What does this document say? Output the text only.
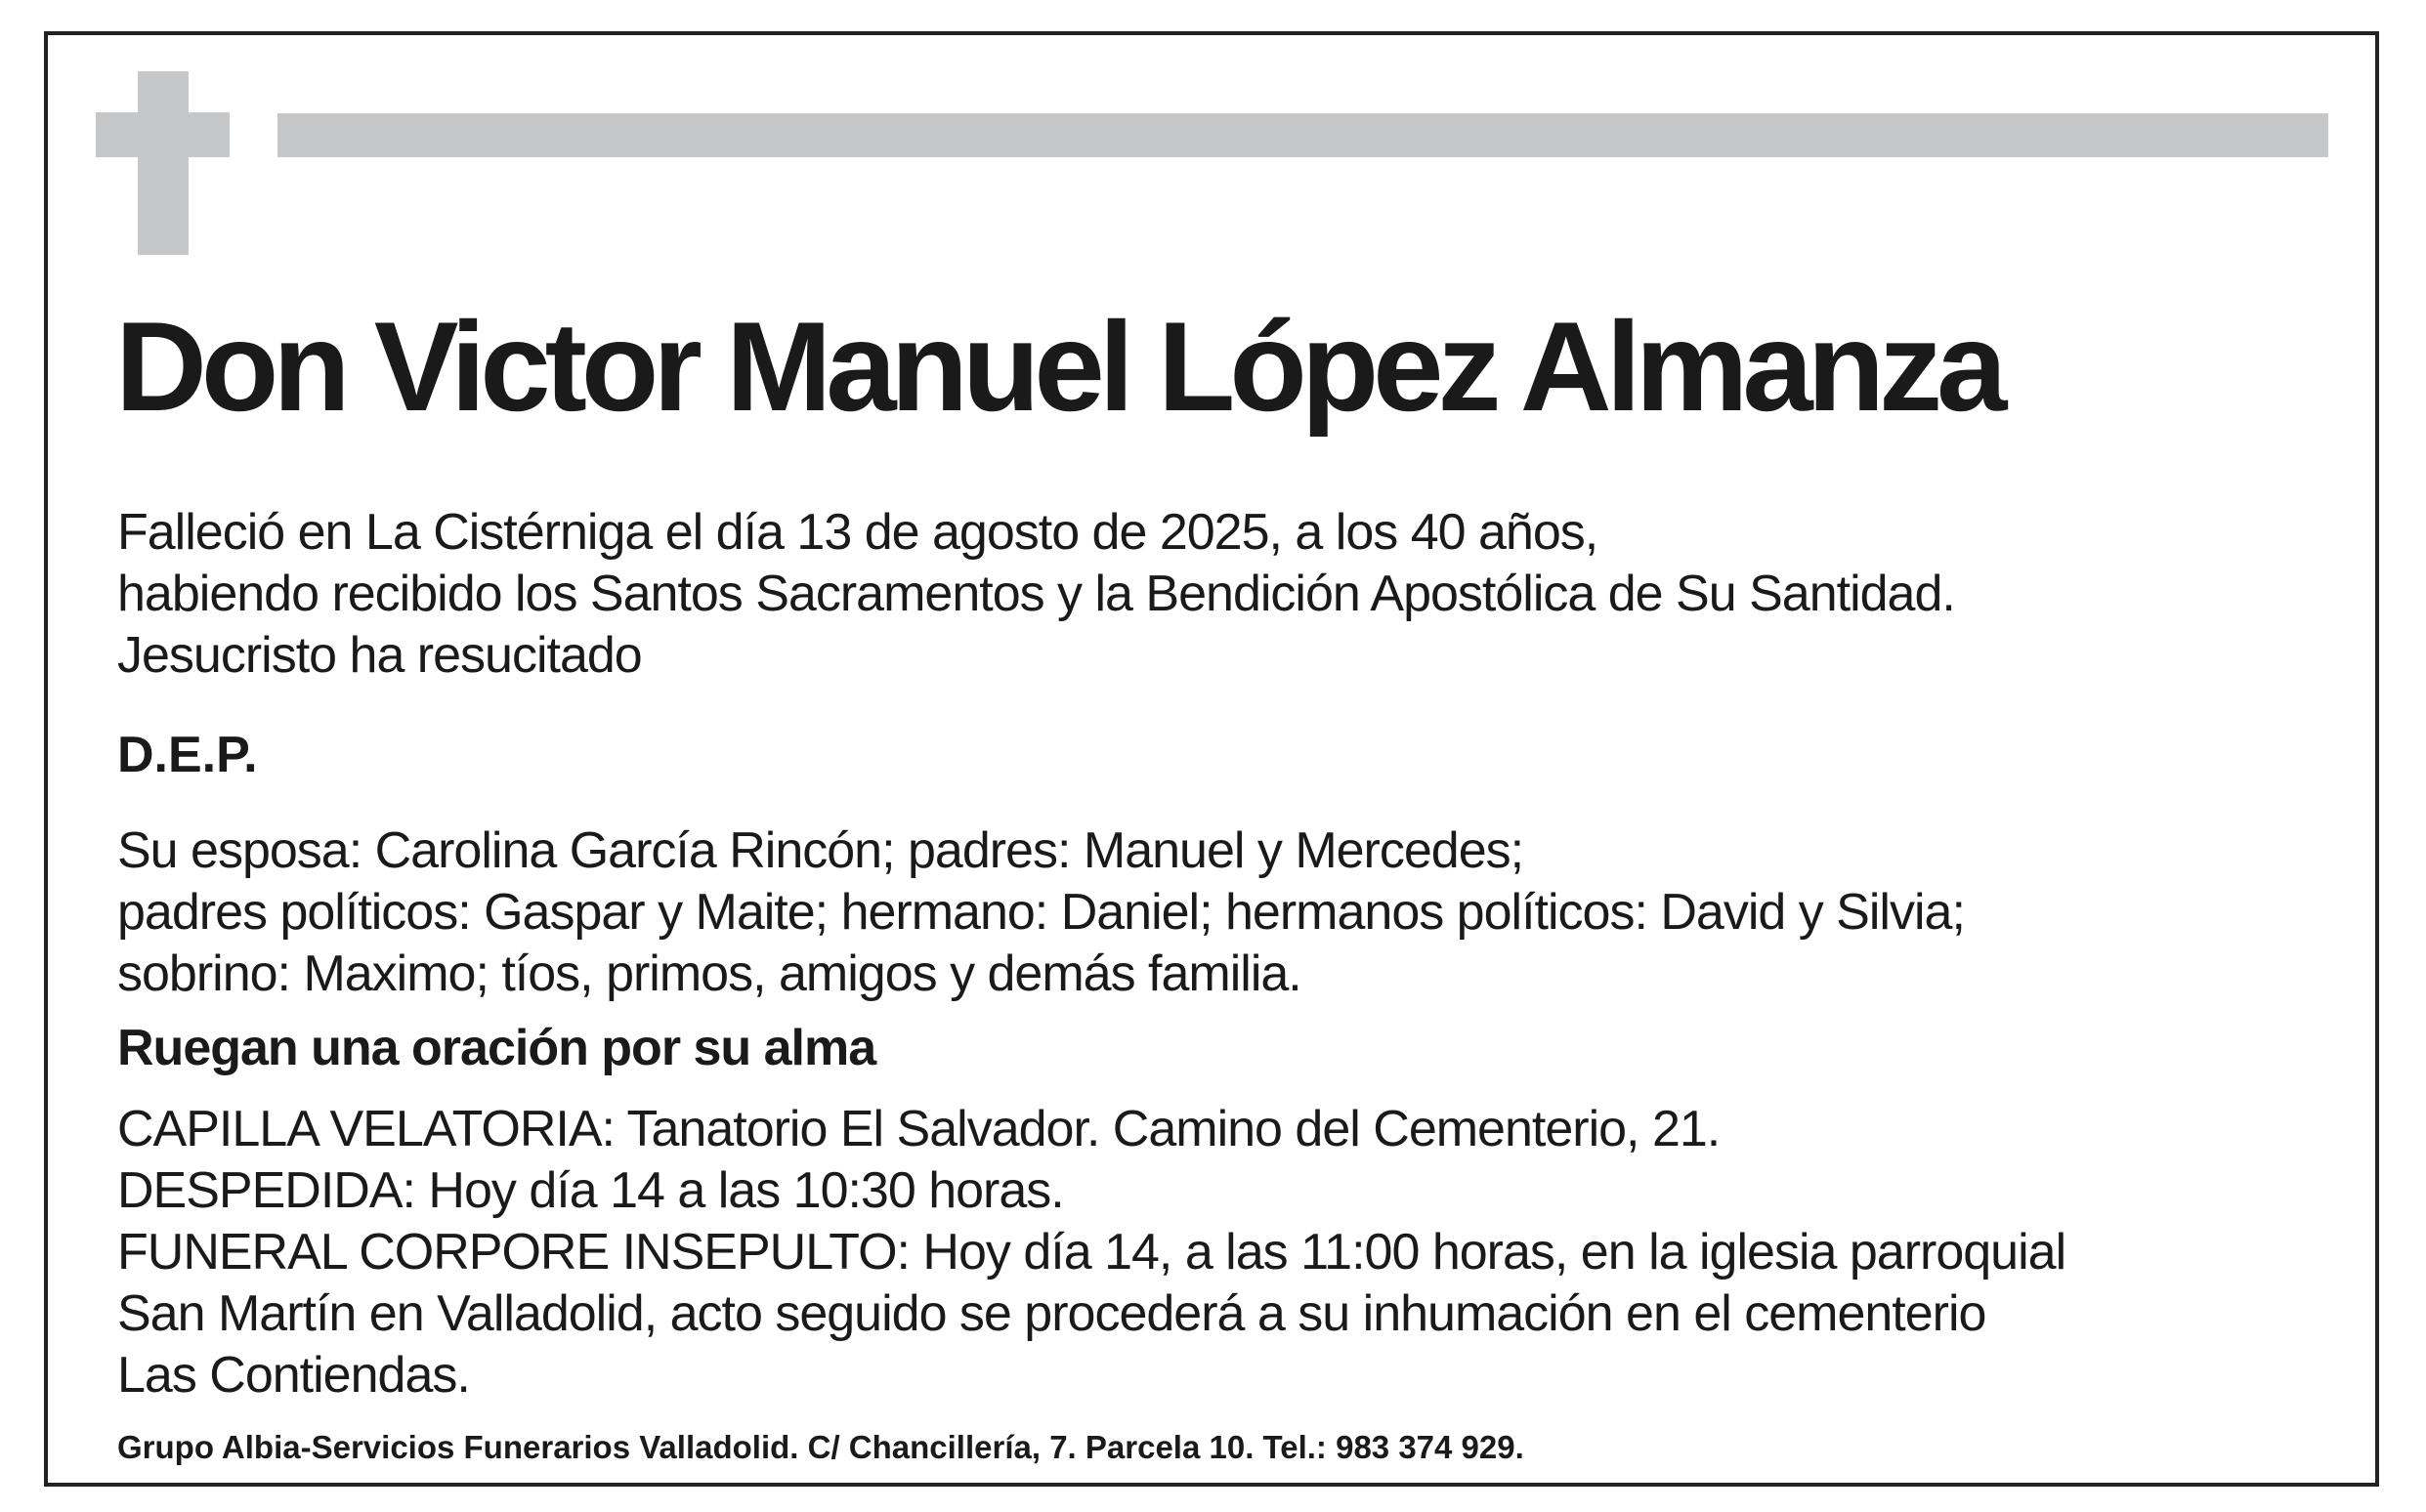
Don Victor Manuel López Almanza
Falleció en La Cistérniga el día 13 de agosto de 2025, a los 40 años,
habiendo recibido los Santos Sacramentos y la Bendición Apostólica de Su Santidad.
Jesucristo ha resucitado
D.E.P.
Su esposa: Carolina García Rincón; padres: Manuel y Mercedes;
padres políticos: Gaspar y Maite; hermano: Daniel; hermanos políticos: David y Silvia;
sobrino: Maximo; tíos, primos, amigos y demás familia.
Ruegan una oración por su alma
CAPILLA VELATORIA: Tanatorio El Salvador. Camino del Cementerio, 21.
DESPEDIDA: Hoy día 14 a las 10:30 horas.
FUNERAL CORPORE INSEPULTO: Hoy día 14, a las 11:00 horas, en la iglesia parroquial
San Martín en Valladolid, acto seguido se procederá a su inhumación en el cementerio
Las Contiendas.
Grupo Albia-Servicios Funerarios Valladolid. C/ Chancillería, 7. Parcela 10. Tel.: 983 374 929.
